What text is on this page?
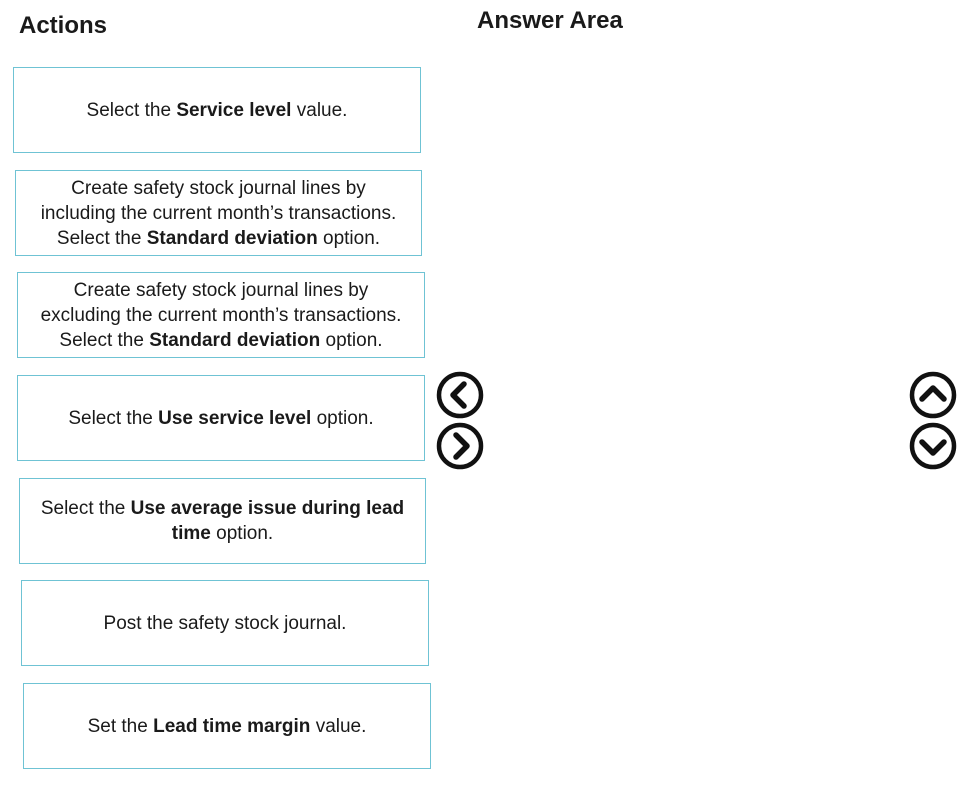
Actions	Answer Area
Select the Service level value.
Create safety stock journal lines by
including the current month’s transactions.
Select the Standard deviation option.
Create safety stock journal lines by
excluding the current month’s transactions.
Select the Standard deviation option.
Select the Use service level option.
Select the Use average issue during lead time option.
Post the safety stock journal.
Set the Lead time margin value.
